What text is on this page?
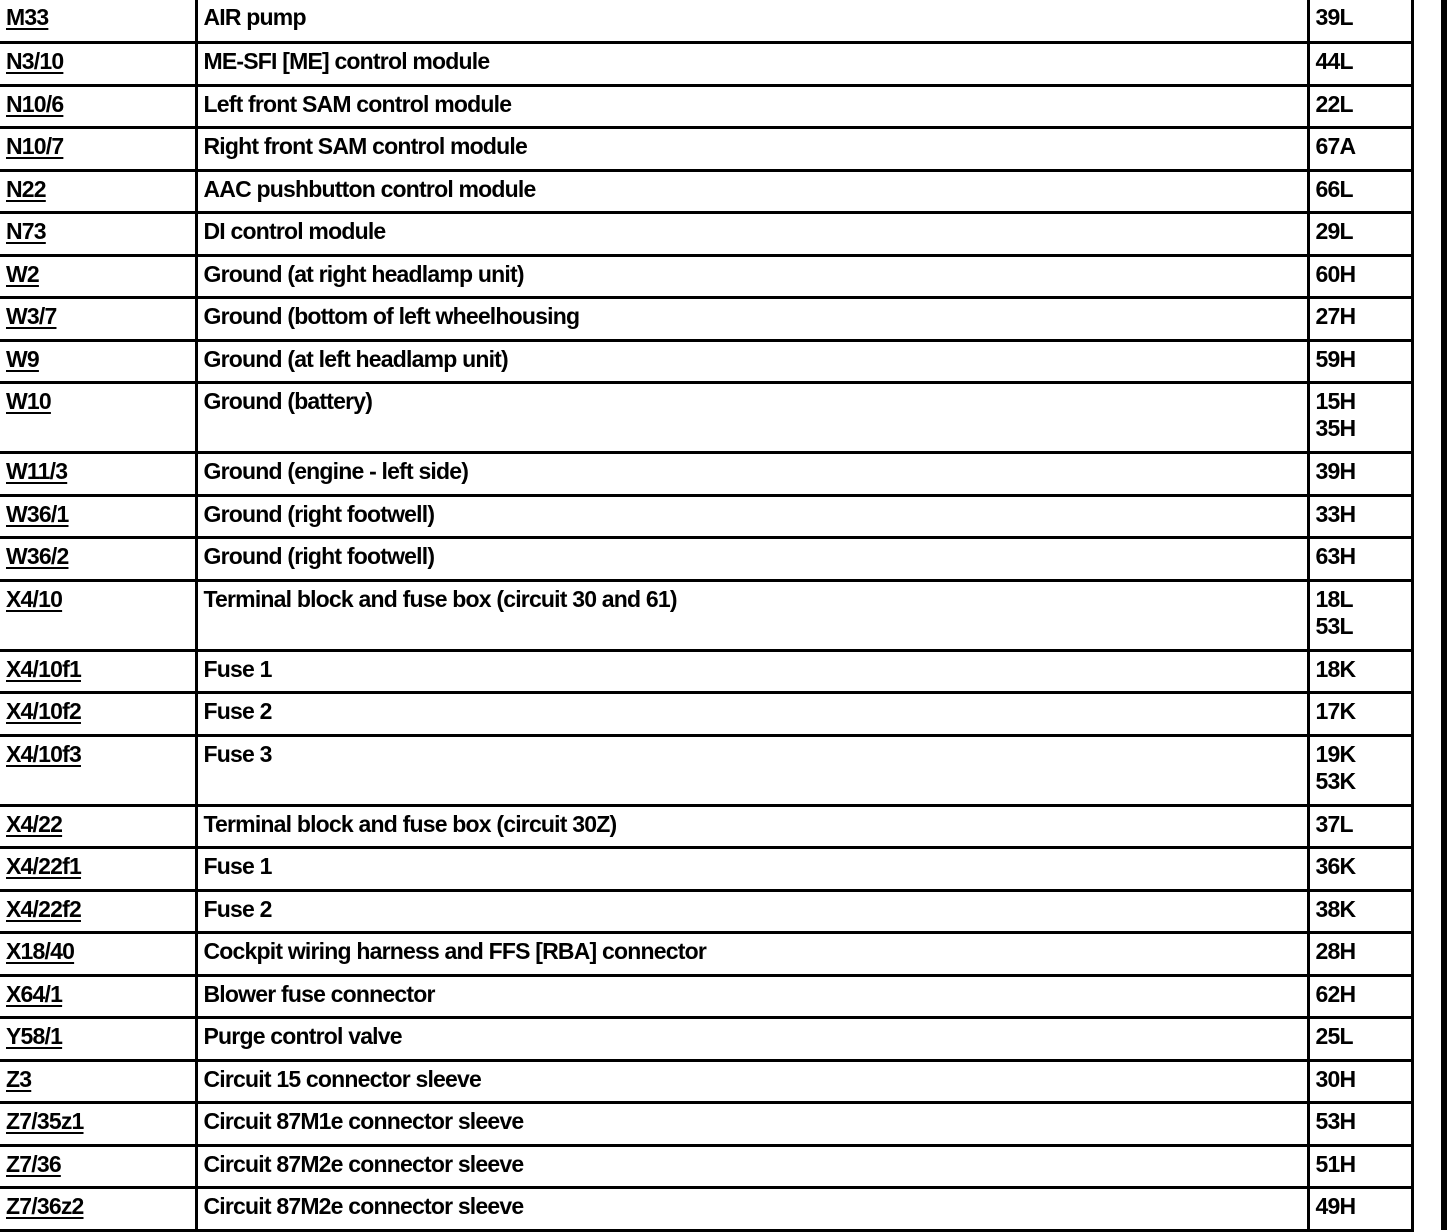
M33	AIR pump	39L

N3/10	ME-SFI [ME] control module	44L

N10/6	Left front SAM control module	22L

N10/7	Right front SAM control module	67A

N22	AAC pushbutton control module	66L

N73	DI control module	29L

W2	Ground (at right headlamp unit)	60H

W3/7	Ground (bottom of left wheelhousing	27H

W9	Ground (at left headlamp unit)	59H

W10	Ground (battery)	15H
35H

W11/3	Ground (engine - left side)	39H

W36/1	Ground (right footwell)	33H

W36/2	Ground (right footwell)	63H

X4/10	Terminal block and fuse box (circuit 30 and 61)	18L
53L

X4/10f1	Fuse 1	18K

X4/10f2	Fuse 2	17K

X4/10f3	Fuse 3	19K
53K

X4/22	Terminal block and fuse box (circuit 30Z)	37L

X4/22f1	Fuse 1	36K

X4/22f2	Fuse 2	38K

X18/40	Cockpit wiring harness and FFS [RBA] connector	28H

X64/1	Blower fuse connector	62H

Y58/1	Purge control valve	25L

Z3	Circuit 15 connector sleeve	30H

Z7/35z1	Circuit 87M1e connector sleeve	53H

Z7/36	Circuit 87M2e connector sleeve	51H

Z7/36z2	Circuit 87M2e connector sleeve	49H
